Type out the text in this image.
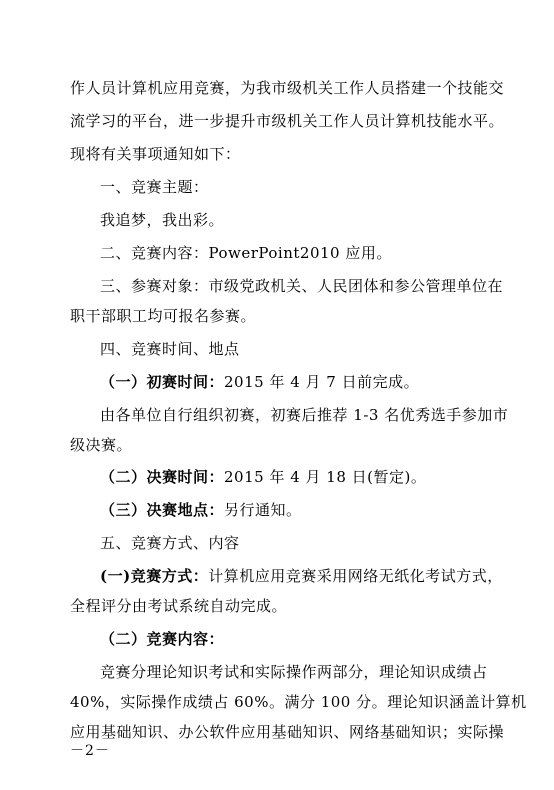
作人员计算机应用竞赛，为我市级机关工作人员搭建一个技能交
流学习的平台，进一步提升市级机关工作人员计算机技能水平。
现将有关事项通知如下：
一、竞赛主题：
我追梦，我出彩。
二、竞赛内容：PowerPoint2010 应用。
三、参赛对象：市级党政机关、人民团体和参公管理单位在
职干部职工均可报名参赛。
四、竞赛时间、地点
（一）初赛时间：2015 年 4 月 7 日前完成。
由各单位自行组织初赛，初赛后推荐 1-3 名优秀选手参加市
级决赛。
（二）决赛时间：2015 年 4 月 18 日(暂定)。
（三）决赛地点：另行通知。
五、竞赛方式、内容
(一)竞赛方式：计算机应用竞赛采用网络无纸化考试方式，
全程评分由考试系统自动完成。
（二）竞赛内容：
竞赛分理论知识考试和实际操作两部分，理论知识成绩占
40%，实际操作成绩占 60%。满分 100 分。理论知识涵盖计算机
应用基础知识、办公软件应用基础知识、网络基础知识；实际操
－2－
